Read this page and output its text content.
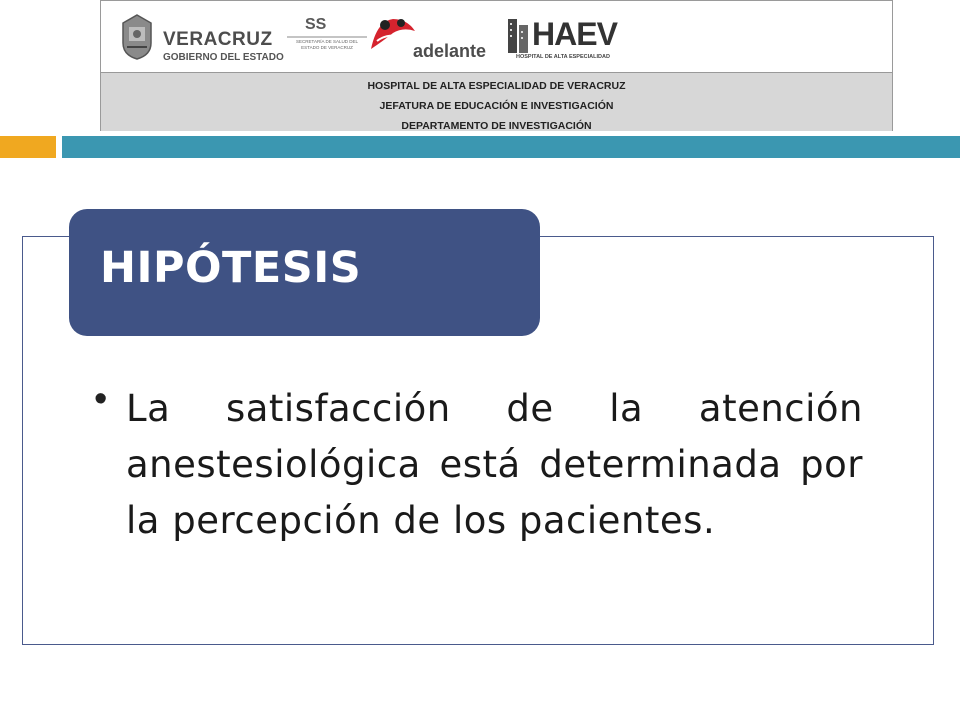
VERACRUZ
GOBIERNO DEL ESTADO
SS
SECRETARÍA DE SALUD DEL ESTADO DE VERACRUZ	adelante HAEV
HOSPITAL DE ALTA ESPECIALIDAD
HOSPITAL DE ALTA ESPECIALIDAD DE VERACRUZ
JEFATURA DE EDUCACIÓN E INVESTIGACIÓN
DEPARTAMENTO DE INVESTIGACIÓN
HIPÓTESIS
• La satisfacción de la atención anestesiológica está determinada por la percepción de los pacientes.
